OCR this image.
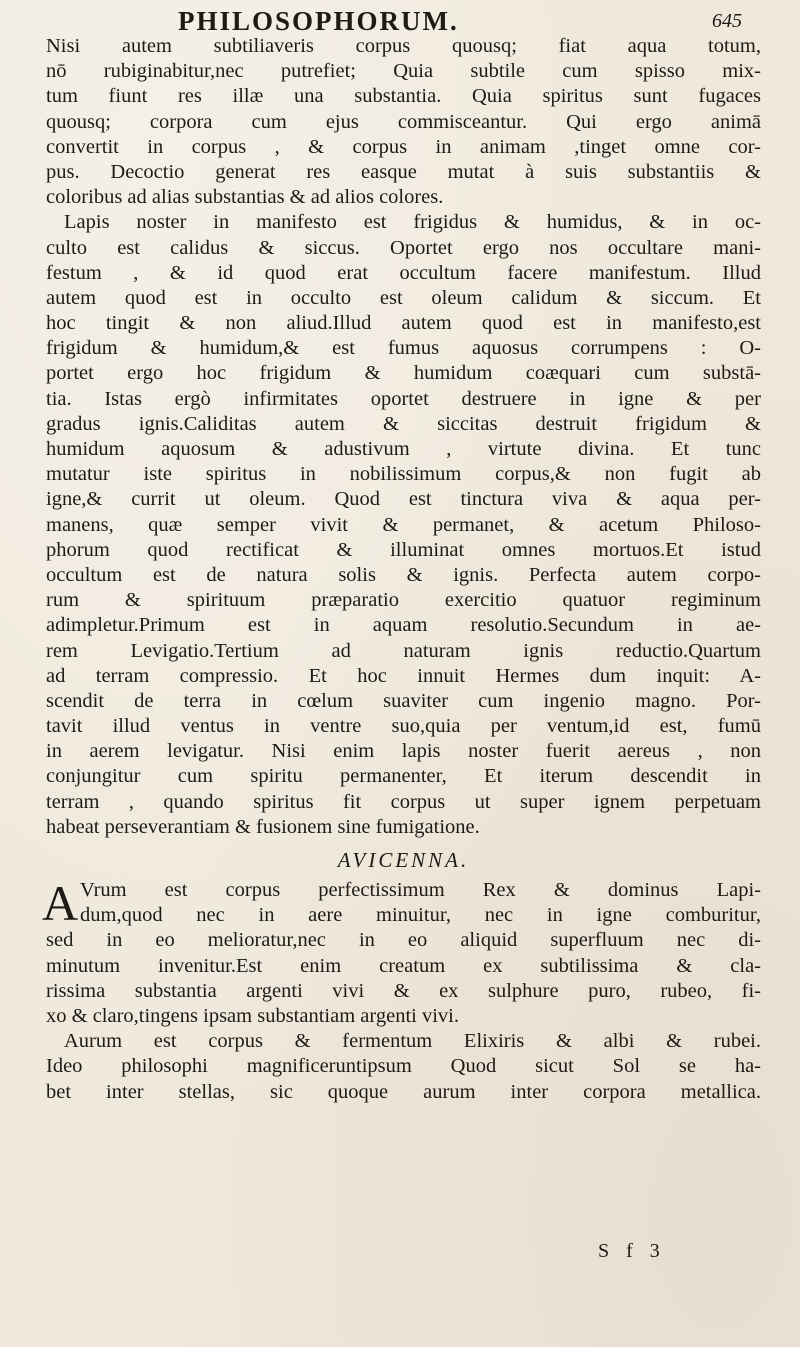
PHILOSOPHORUM.	645
Nisi autem subtiliaveris corpus quousq; fiat aqua totum,
nō rubiginabitur,nec putrefiet; Quia subtile cum spisso mix-
tum fiunt res illæ una substantia. Quia spiritus sunt fugaces
quousq; corpora cum ejus commisceantur. Qui ergo animā
convertit in corpus , & corpus in animam ,tinget omne cor-
pus. Decoctio generat res easque mutat à suis substantiis &
coloribus ad alias substantias & ad alios colores.
Lapis noster in manifesto est frigidus & humidus, & in oc-
culto est calidus & siccus. Oportet ergo nos occultare mani-
festum , & id quod erat occultum facere manifestum. Illud
autem quod est in occulto est oleum calidum & siccum. Et
hoc tingit & non aliud.Illud autem quod est in manifesto,est
frigidum & humidum,& est fumus aquosus corrumpens : O-
portet ergo hoc frigidum & humidum coæquari cum substā-
tia. Istas ergò infirmitates oportet destruere in igne & per
gradus ignis.Caliditas autem & siccitas destruit frigidum &
humidum aquosum & adustivum , virtute divina. Et tunc
mutatur iste spiritus in nobilissimum corpus,& non fugit ab
igne,& currit ut oleum. Quod est tinctura viva & aqua per-
manens, quæ semper vivit & permanet, & acetum Philoso-
phorum quod rectificat & illuminat omnes mortuos.Et istud
occultum est de natura solis & ignis. Perfecta autem corpo-
rum & spirituum præparatio exercitio quatuor regiminum
adimpletur.Primum est in aquam resolutio.Secundum in ae-
rem Levigatio.Tertium ad naturam ignis reductio.Quartum
ad terram compressio. Et hoc innuit Hermes dum inquit: A-
scendit de terra in cœlum suaviter cum ingenio magno. Por-
tavit illud ventus in ventre suo,quia per ventum,id est, fumū
in aerem levigatur. Nisi enim lapis noster fuerit aereus , non
conjungitur cum spiritu permanenter, Et iterum descendit in
terram , quando spiritus fit corpus ut super ignem perpetuam
habeat perseverantiam & fusionem sine fumigatione.
AVICENNA.
A Vrum est corpus perfectissimum Rex & dominus Lapi-
dum,quod nec in aere minuitur, nec in igne comburitur,
sed in eo melioratur,nec in eo aliquid superfluum nec di-
minutum invenitur.Est enim creatum ex subtilissima & cla-
rissima substantia argenti vivi & ex sulphure puro, rubeo, fi-
xo & claro,tingens ipsam substantiam argenti vivi.
Aurum est corpus & fermentum Elixiris & albi & rubei.
Ideo philosophi magnificeruntipsum Quod sicut Sol se ha-
bet inter stellas, sic quoque aurum inter corpora metallica.
S f 3
